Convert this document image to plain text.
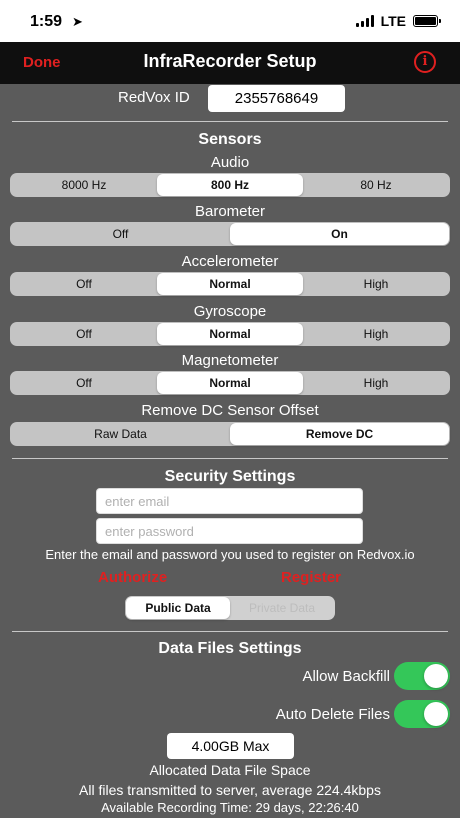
1:59 ➤	LTE
Done	InfraRecorder Setup	i
RedVox ID	2355768649
Sensors
Audio
8000 Hz	800 Hz	80 Hz
Barometer
Off	On
Accelerometer
Off	Normal	High
Gyroscope
Off	Normal	High
Magnetometer
Off	Normal	High
Remove DC Sensor Offset
Raw Data	Remove DC
Security Settings
enter email
Enter the email and password you used to register on Redvox.io
Authorize	Register
Public Data	Private Data
Data Files Settings
Allow Backfill
Auto Delete Files
4.00GB Max
Allocated Data File Space
All files transmitted to server, average 224.4kbps
Available Recording Time: 29 days, 22:26:40
